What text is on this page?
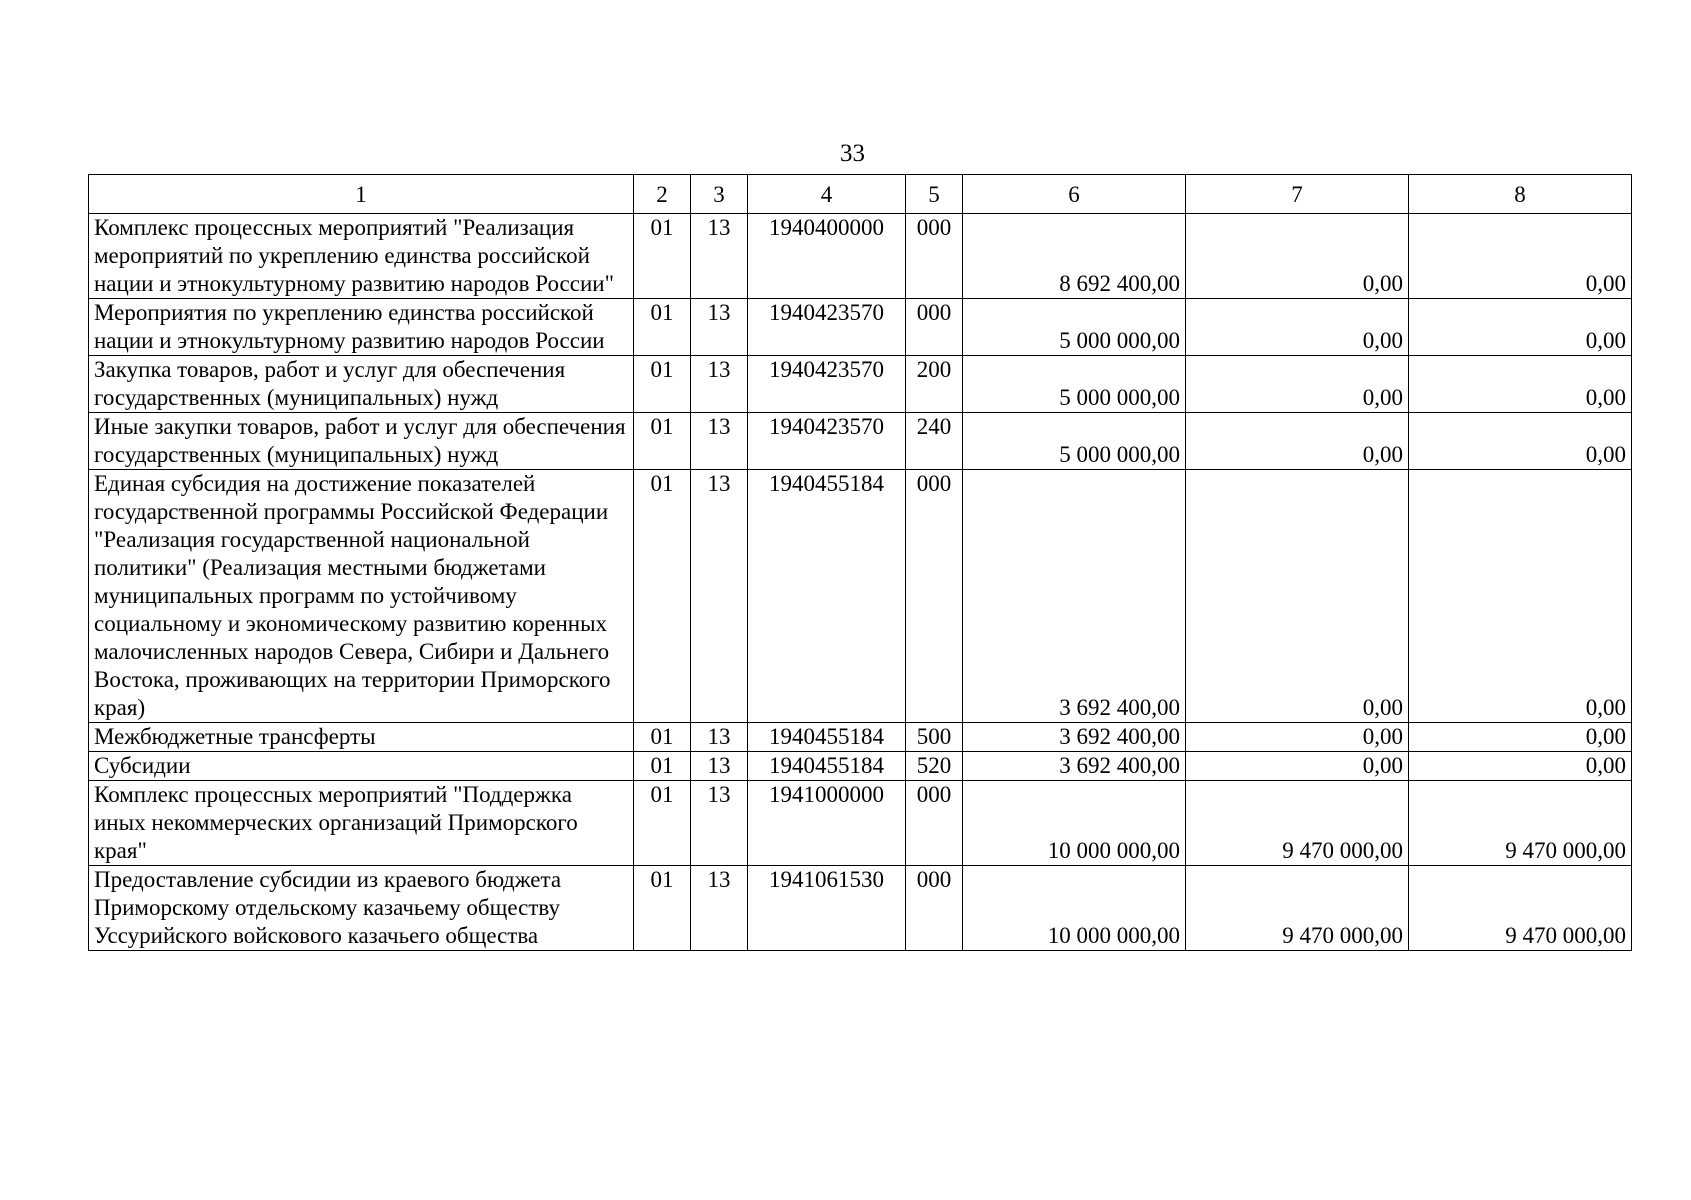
33
1	2	3	4	5	6	7	8
Комплекс процессных мероприятий "Реализация мероприятий по укреплению единства российской нации и этнокультурному развитию народов России"	01	13	1940400000	000	8 692 400,00	0,00	0,00
Мероприятия по укреплению единства российской нации и этнокультурному развитию народов России	01	13	1940423570	000	5 000 000,00	0,00	0,00
Закупка товаров, работ и услуг для обеспечения государственных (муниципальных) нужд	01	13	1940423570	200	5 000 000,00	0,00	0,00
Иные закупки товаров, работ и услуг для обеспечения государственных (муниципальных) нужд	01	13	1940423570	240	5 000 000,00	0,00	0,00
Единая субсидия на достижение показателей государственной программы Российской Федерации "Реализация государственной национальной политики" (Реализация местными бюджетами муниципальных программ по устойчивому социальному и экономическому развитию коренных малочисленных народов Севера, Сибири и Дальнего Востока, проживающих на территории Приморского края)	01	13	1940455184	000	3 692 400,00	0,00	0,00
Межбюджетные трансферты	01	13	1940455184	500	3 692 400,00	0,00	0,00
Субсидии	01	13	1940455184	520	3 692 400,00	0,00	0,00
Комплекс процессных мероприятий "Поддержка иных некоммерческих организаций Приморского края"	01	13	1941000000	000	10 000 000,00	9 470 000,00	9 470 000,00
Предоставление субсидии из краевого бюджета Приморскому отдельскому казачьему обществу Уссурийского войскового казачьего общества	01	13	1941061530	000	10 000 000,00	9 470 000,00	9 470 000,00
